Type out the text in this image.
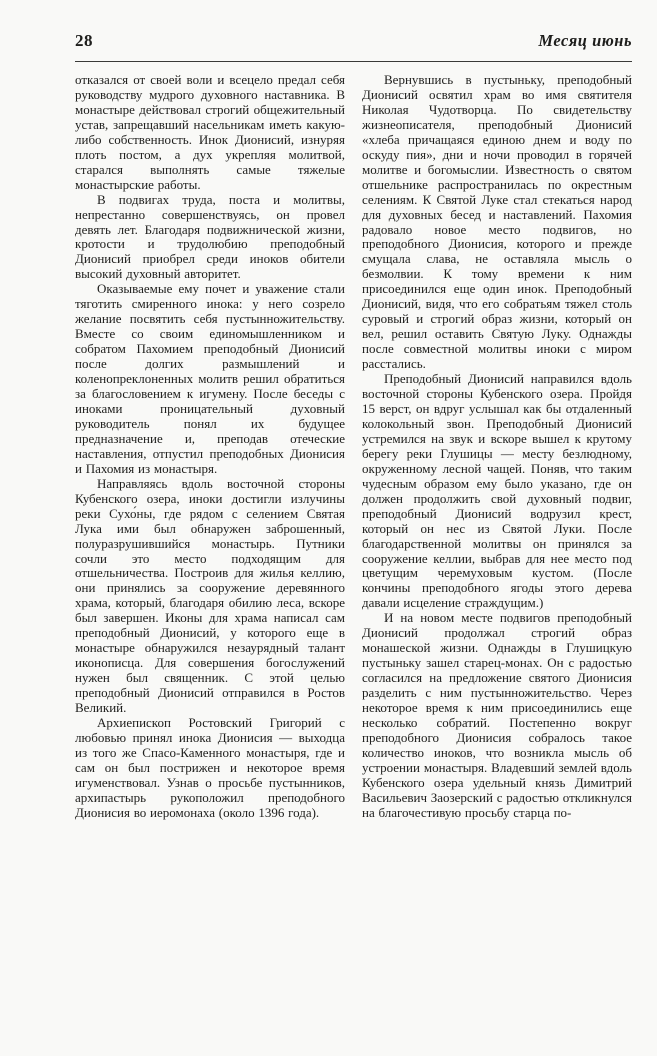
28	Месяц июнь

отказался от своей воли и всецело предал себя руководству мудрого духовного наставника. В монастыре действовал строгий общежительный устав, запрещавший насельникам иметь какую-либо собственность. Инок Дионисий, изнуряя плоть постом, а дух укрепляя молитвой, старался выполнять самые тяжелые монастырские работы.

В подвигах труда, поста и молитвы, непрестанно совершенствуясь, он провел девять лет. Благодаря подвижнической жизни, кротости и трудолюбию преподобный Дионисий приобрел среди иноков обители высокий духовный авторитет.

Оказываемые ему почет и уважение стали тяготить смиренного инока: у него созрело желание посвятить себя пустынножительству. Вместе со своим единомышленником и собратом Пахомием преподобный Дионисий после долгих размышлений и коленопреклоненных молитв решил обратиться за благословением к игумену. После беседы с иноками проницательный духовный руководитель понял их будущее предназначение и, преподав отеческие наставления, отпустил преподобных Дионисия и Пахомия из монастыря.

Направляясь вдоль восточной стороны Кубенского озера, иноки достигли излучины реки Сухо́ны, где рядом с селением Святая Лука ими был обнаружен заброшенный, полуразрушившийся монастырь. Путники сочли это место подходящим для отшельничества. Построив для жилья келлию, они принялись за сооружение деревянного храма, который, благодаря обилию леса, вскоре был завершен. Иконы для храма написал сам преподобный Дионисий, у которого еще в монастыре обнаружился незаурядный талант иконописца. Для совершения богослужений нужен был священник. С этой целью преподобный Дионисий отправился в Ростов Великий.

Архиепископ Ростовский Григорий с любовью принял инока Дионисия — выходца из того же Спасо-Каменного монастыря, где и сам он был пострижен и некоторое время игуменствовал. Узнав о просьбе пустынников, архипастырь рукоположил преподобного Дионисия во иеромонаха (около 1396 года).

Вернувшись в пустыньку, преподобный Дионисий освятил храм во имя святителя Николая Чудотворца. По свидетельству жизнеописателя, преподобный Дионисий «хлеба причащаяся единою днем и воду по оскуду пия», дни и ночи проводил в горячей молитве и богомыслии. Известность о святом отшельнике распространилась по окрестным селениям. К Святой Луке стал стекаться народ для духовных бесед и наставлений. Пахомия радовало новое место подвигов, но преподобного Дионисия, которого и прежде смущала слава, не оставляла мысль о безмолвии. К тому времени к ним присоединился еще один инок. Преподобный Дионисий, видя, что его собратьям тяжел столь суровый и строгий образ жизни, который он вел, решил оставить Святую Луку. Однажды после совместной молитвы иноки с миром расстались.

Преподобный Дионисий направился вдоль восточной стороны Кубенского озера. Пройдя 15 верст, он вдруг услышал как бы отдаленный колокольный звон. Преподобный Дионисий устремился на звук и вскоре вышел к крутому берегу реки Глушицы — месту безлюдному, окруженному лесной чащей. Поняв, что таким чудесным образом ему было указано, где он должен продолжить свой духовный подвиг, преподобный Дионисий водрузил крест, который он нес из Святой Луки. После благодарственной молитвы он принялся за сооружение келлии, выбрав для нее место под цветущим черемуховым кустом. (После кончины преподобного ягоды этого дерева давали исцеление страждущим.)

И на новом месте подвигов преподобный Дионисий продолжал строгий образ монашеской жизни. Однажды в Глушицкую пустыньку зашел старец-монах. Он с радостью согласился на предложение святого Дионисия разделить с ним пустынножительство. Через некоторое время к ним присоединились еще несколько собратий. Постепенно вокруг преподобного Дионисия собралось такое количество иноков, что возникла мысль об устроении монастыря. Владевший землей вдоль Кубенского озера удельный князь Димитрий Васильевич Заозерский с радостью откликнулся на благочестивую просьбу старца по-
